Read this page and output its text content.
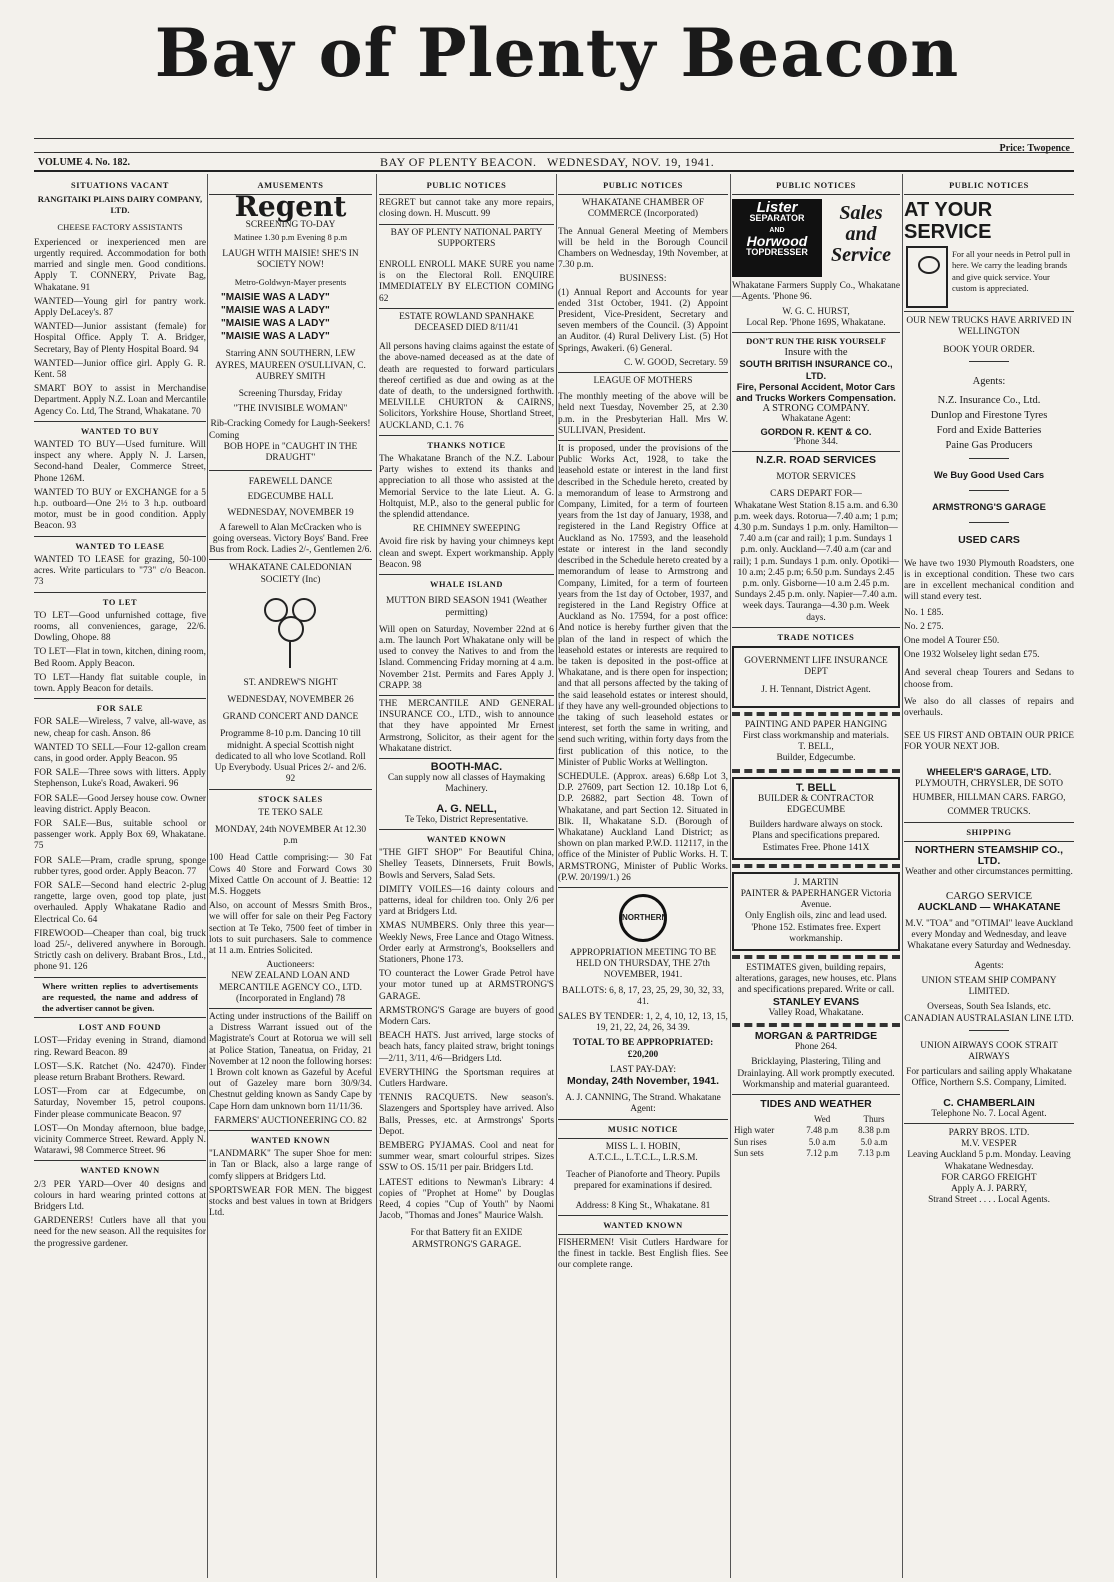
Bay of Plenty Beacon
Price: Twopence
VOLUME 4. No. 182.	BAY OF PLENTY BEACON. WEDNESDAY, NOV. 19, 1941.
SITUATIONS VACANT
RANGITAIKI PLAINS DAIRY COMPANY, LTD.
CHEESE FACTORY ASSISTANTS
Experienced or inexperienced men are urgently required. Accommodation for both married and single men. Good conditions. Apply T. CONNERY, Private Bag, Whakatane. 91
WANTED—Young girl for pantry work. Apply DeLacey's. 87
WANTED—Junior assistant (female) for Hospital Office. Apply T. A. Bridger, Secretary, Bay of Plenty Hospital Board. 94
WANTED—Junior office girl. Apply G. R. Kent. 58
SMART BOY to assist in Merchandise Department. Apply N.Z. Loan and Mercantile Agency Co. Ltd, The Strand, Whakatane. 70
WANTED TO BUY
WANTED TO BUY—Used furniture. Will inspect any where. Apply N. J. Larsen, Second-hand Dealer, Commerce Street, Phone 126M.
WANTED TO BUY or EXCHANGE for a 5 h.p. outboard—One 2½ to 3 h.p. outboard motor, must be in good condition. Apply Beacon. 93
WANTED TO LEASE
WANTED TO LEASE for grazing, 50-100 acres. Write particulars to "73" c/o Beacon. 73
TO LET
TO LET—Good unfurnished cottage, five rooms, all conveniences, garage, 22/6. Dowling, Ohope. 88
TO LET—Flat in town, kitchen, dining room, Bed Room. Apply Beacon.
TO LET—Handy flat suitable couple, in town. Apply Beacon for details.
FOR SALE
FOR SALE—Wireless, 7 valve, all-wave, as new, cheap for cash. Anson. 86
WANTED TO SELL—Four 12-gallon cream cans, in good order. Apply Beacon. 95
FOR SALE—Three sows with litters. Apply Stephenson, Luke's Road, Awakeri. 96
FOR SALE—Good Jersey house cow. Owner leaving district. Apply Beacon.
FOR SALE—Bus, suitable school or passenger work. Apply Box 69, Whakatane. 75
FOR SALE—Pram, cradle sprung, sponge rubber tyres, good order. Apply Beacon. 77
FOR SALE—Second hand electric 2-plug rangette, large oven, good top plate, just overhauled. Apply Whakatane Radio and Electrical Co. 64
FIREWOOD—Cheaper than coal, big truck load 25/-, delivered anywhere in Borough. Strictly cash on delivery. Brabant Bros., Ltd., phone 91. 126
Where written replies to advertisements are requested, the name and address of the advertiser cannot be given.
LOST AND FOUND
LOST—Friday evening in Strand, diamond ring. Reward Beacon. 89
LOST—S.K. Ratchet (No. 42470). Finder please return Brabant Brothers. Reward.
LOST—From car at Edgecumbe, on Saturday, November 15, petrol coupons. Finder please communicate Beacon. 97
LOST—On Monday afternoon, blue badge, vicinity Commerce Street. Reward. Apply N. Watarawi, 98 Commerce Street. 96
WANTED KNOWN
2/3 PER YARD—Over 40 designs and colours in hard wearing printed cottons at Bridgers Ltd.
GARDENERS! Cutlers have all that you need for the new season. All the requisites for the progressive gardener.
AMUSEMENTS
Regent
SCREENING TO-DAY
Matinee 1.30 p.m Evening 8 p.m
LAUGH WITH MAISIE! SHE'S IN SOCIETY NOW!
Metro-Goldwyn-Mayer presents
"MAISIE WAS A LADY"
"MAISIE WAS A LADY"
"MAISIE WAS A LADY"
"MAISIE WAS A LADY"
Starring ANN SOUTHERN, LEW AYRES, MAUREEN O'SULLIVAN, C. AUBREY SMITH
Screening Thursday, Friday
"THE INVISIBLE WOMAN"
Rib-Cracking Comedy for Laugh-Seekers!
Coming
BOB HOPE in "CAUGHT IN THE DRAUGHT"
FAREWELL DANCE
EDGECUMBE HALL
WEDNESDAY, NOVEMBER 19
A farewell to Alan McCracken who is going overseas. Victory Boys' Band. Free Bus from Rock. Ladies 2/-, Gentlemen 2/6.
WHAKATANE CALEDONIAN SOCIETY (Inc)
ST. ANDREW'S NIGHT
WEDNESDAY, NOVEMBER 26
GRAND CONCERT AND DANCE
Programme 8-10 p.m. Dancing 10 till midnight. A special Scottish night dedicated to all who love Scotland. Roll Up Everybody. Usual Prices 2/- and 2/6. 92
STOCK SALES
TE TEKO SALE
MONDAY, 24th NOVEMBER At 12.30 p.m
100 Head Cattle comprising:— 30 Fat Cows 40 Store and Forward Cows 30 Mixed Cattle On account of J. Beattie: 12 M.S. Hoggets
Also, on account of Messrs Smith Bros., we will offer for sale on their Peg Factory section at Te Teko, 7500 feet of timber in lots to suit purchasers. Sale to commence at 11 a.m. Entries Solicited.
Auctioneers:
NEW ZEALAND LOAN AND MERCANTILE AGENCY CO., LTD. (Incorporated in England) 78
Acting under instructions of the Bailiff on a Distress Warrant issued out of the Magistrate's Court at Rotorua we will sell at Police Station, Taneatua, on Friday, 21 November at 12 noon the following horses: 1 Brown colt known as Gazeful by Aceful out of Gazeley mare born 30/9/34. Chestnut gelding known as Sandy Cape by Cape Horn dam unknown born 11/11/36.
FARMERS' AUCTIONEERING CO. 82
WANTED KNOWN
"LANDMARK" The super Shoe for men: in Tan or Black, also a large range of comfy slippers at Bridgers Ltd.
SPORTSWEAR FOR MEN. The biggest stocks and best values in town at Bridgers Ltd.
PUBLIC NOTICES
REGRET but cannot take any more repairs, closing down. H. Muscutt. 99
BAY OF PLENTY NATIONAL PARTY SUPPORTERS
ENROLL ENROLL MAKE SURE you name is on the Electoral Roll. ENQUIRE IMMEDIATELY BY ELECTION COMING 62
ESTATE ROWLAND SPANHAKE DECEASED DIED 8/11/41
All persons having claims against the estate of the above-named deceased as at the date of death are requested to forward particulars thereof certified as due and owing as at the date of death, to the undersigned forthwith. MELVILLE CHURTON & CAIRNS, Solicitors, Yorkshire House, Shortland Street, AUCKLAND, C.1. 76
THANKS NOTICE
The Whakatane Branch of the N.Z. Labour Party wishes to extend its thanks and appreciation to all those who assisted at the Memorial Service to the late Lieut. A. G. Holtquist, M.P., also to the general public for the splendid attendance.
RE CHIMNEY SWEEPING
Avoid fire risk by having your chimneys kept clean and swept. Expert workmanship. Apply Beacon. 98
WHALE ISLAND
MUTTON BIRD SEASON 1941 (Weather permitting)
Will open on Saturday, November 22nd at 6 a.m. The launch Port Whakatane only will be used to convey the Natives to and from the Island. Commencing Friday morning at 4 a.m. November 21st. Permits and Fares Apply J. CRAPP. 38
THE MERCANTILE AND GENERAL INSURANCE CO., LTD., wish to announce that they have appointed Mr Ernest Armstrong, Solicitor, as their agent for the Whakatane district.
BOOTH-MAC.
Can supply now all classes of Haymaking Machinery.
A. G. NELL,
Te Teko, District Representative.
WANTED KNOWN
"THE GIFT SHOP" For Beautiful China, Shelley Teasets, Dinnersets, Fruit Bowls, Bowls and Servers, Salad Sets.
DIMITY VOILES—16 dainty colours and patterns, ideal for children too. Only 2/6 per yard at Bridgers Ltd.
XMAS NUMBERS. Only three this year—Weekly News, Free Lance and Otago Witness. Order early at Armstrong's, Booksellers and Stationers, Phone 173.
TO counteract the Lower Grade Petrol have your motor tuned up at ARMSTRONG'S GARAGE.
ARMSTRONG'S Garage are buyers of good Modern Cars.
BEACH HATS. Just arrived, large stocks of beach hats, fancy plaited straw, bright tonings—2/11, 3/11, 4/6—Bridgers Ltd.
EVERYTHING the Sportsman requires at Cutlers Hardware.
TENNIS RACQUETS. New season's. Slazengers and Sportspley have arrived. Also Balls, Presses, etc. at Armstrongs' Sports Depot.
BEMBERG PYJAMAS. Cool and neat for summer wear, smart colourful stripes. Sizes SSW to OS. 15/11 per pair. Bridgers Ltd.
LATEST editions to Newman's Library: 4 copies of "Prophet at Home" by Douglas Reed, 4 copies "Cup of Youth" by Naomi Jacob, "Thomas and Jones" Maurice Walsh.
For that Battery fit an EXIDE ARMSTRONG'S GARAGE.
PUBLIC NOTICES
WHAKATANE CHAMBER OF COMMERCE (Incorporated)
The Annual General Meeting of Members will be held in the Borough Council Chambers on Wednesday, 19th November, at 7.30 p.m.
BUSINESS:
(1) Annual Report and Accounts for year ended 31st October, 1941. (2) Appoint President, Vice-President, Secretary and seven members of the Council. (3) Appoint an Auditor. (4) Rural Delivery List. (5) Hot Springs, Awakeri. (6) General.
C. W. GOOD, Secretary. 59
LEAGUE OF MOTHERS
The monthly meeting of the above will be held next Tuesday, November 25, at 2.30 p.m. in the Presbyterian Hall. Mrs W. SULLIVAN, President.
It is proposed, under the provisions of the Public Works Act, 1928, to take the leasehold estate or interest in the land first described in the Schedule hereto, created by a memorandum of lease to Armstrong and Company, Limited, for a term of fourteen years from the 1st day of January, 1938, and registered in the Land Registry Office at Auckland as No. 17593, and the leasehold estate or interest in the land secondly described in the Schedule hereto created by a memorandum of lease to Armstrong and Company, Limited, for a term of fourteen years from the 1st day of October, 1937, and registered in the Land Registry Office at Auckland as No. 17594, for a post office: And notice is hereby further given that the plan of the land in respect of which the leasehold estates or interests are required to be taken is deposited in the post-office at Whakatane, and is there open for inspection; and that all persons affected by the taking of the said leasehold estates or interest should, if they have any well-grounded objections to the taking of such leasehold estates or interest, set forth the same in writing, and send such writing, within forty days from the first publication of this notice, to the Minister of Public Works at Wellington.
SCHEDULE. (Approx. areas) 6.68p Lot 3, D.P. 27609, part Section 12. 10.18p Lot 6, D.P. 26882, part Section 48. Town of Whakatane, and part Section 12. Situated in Blk. II, Whakatane S.D. (Borough of Whakatane) Auckland Land District; as shown on plan marked P.W.D. 112117, in the office of the Minister of Public Works. H. T. ARMSTRONG, Minister of Public Works. (P.W. 20/199/1.) 26
NORTHERN
APPROPRIATION MEETING TO BE HELD ON THURSDAY, THE 27th NOVEMBER, 1941.
BALLOTS: 6, 8, 17, 23, 25, 29, 30, 32, 33, 41.
SALES BY TENDER: 1, 2, 4, 10, 12, 13, 15, 19, 21, 22, 24, 26, 34 39.
TOTAL TO BE APPROPRIATED: £20,200
LAST PAY-DAY:
Monday, 24th November, 1941.
A. J. CANNING, The Strand. Whakatane Agent:
MUSIC NOTICE
MISS L. I. HOBIN,
A.T.C.L., L.T.C.L., L.R.S.M.
Teacher of Pianoforte and Theory. Pupils prepared for examinations if desired.
Address: 8 King St., Whakatane. 81
WANTED KNOWN
FISHERMEN! Visit Cutlers Hardware for the finest in tackle. Best English flies. See our complete range.
PUBLIC NOTICES
Lister
SEPARATOR
AND
Horwood
TOPDRESSER
Sales and Service
Whakatane Farmers Supply Co., Whakatane—Agents. 'Phone 96.
W. G. C. HURST,
Local Rep. 'Phone 169S, Whakatane.
DON'T RUN THE RISK YOURSELF
Insure with the
SOUTH BRITISH INSURANCE CO., LTD.
Fire, Personal Accident, Motor Cars and Trucks Workers Compensation.
A STRONG COMPANY.
Whakatane Agent:
GORDON R. KENT & CO.
'Phone 344.
N.Z.R. ROAD SERVICES
MOTOR SERVICES
CARS DEPART FOR—
Whakatane West Station 8.15 a.m. and 6.30 p.m. week days. Rotorua—7.40 a.m; 1 p.m; 4.30 p.m. Sundays 1 p.m. only. Hamilton—7.40 a.m (car and rail); 1 p.m. Sundays 1 p.m. only. Auckland—7.40 a.m (car and rail); 1 p.m. Sundays 1 p.m. only. Opotiki—10 a.m; 2.45 p.m; 6.50 p.m. Sundays 2.45 p.m. only. Gisborne—10 a.m 2.45 p.m. Sundays 2.45 p.m. only. Napier—7.40 a.m. week days. Tauranga—4.30 p.m. Week days.
TRADE NOTICES
GOVERNMENT LIFE INSURANCE DEPT
J. H. Tennant, District Agent.
PAINTING AND PAPER HANGING
First class workmanship and materials.
T. BELL,
Builder, Edgecumbe.
T. BELL
BUILDER & CONTRACTOR EDGECUMBE
Builders hardware always on stock. Plans and specifications prepared.
Estimates Free. Phone 141X
J. MARTIN
PAINTER & PAPERHANGER Victoria Avenue.
Only English oils, zinc and lead used. 'Phone 152. Estimates free. Expert workmanship.
ESTIMATES given, building repairs, alterations, garages, new houses, etc. Plans and specifications prepared. Write or call.
STANLEY EVANS
Valley Road, Whakatane.
MORGAN & PARTRIDGE
Phone 264.
Bricklaying, Plastering, Tiling and Drainlaying. All work promptly executed. Workmanship and material guaranteed.
TIDES AND WEATHER
	Wed	Thurs
High water	7.48 p.m	8.38 p.m
Sun rises	5.0 a.m	5.0 a.m
Sun sets	7.12 p.m	7.13 p.m
PUBLIC NOTICES
AT YOUR SERVICE
For all your needs in Petrol pull in here. We carry the leading brands and give quick service. Your custom is appreciated.
OUR NEW TRUCKS HAVE ARRIVED IN WELLINGTON
BOOK YOUR ORDER.
Agents:
N.Z. Insurance Co., Ltd.
Dunlop and Firestone Tyres
Ford and Exide Batteries
Paine Gas Producers
We Buy Good Used Cars
ARMSTRONG'S GARAGE
USED CARS
We have two 1930 Plymouth Roadsters, one is in exceptional condition. These two cars are in excellent mechanical condition and will stand every test.
No. 1 £85.
No. 2 £75.
One model A Tourer £50.
One 1932 Wolseley light sedan £75.
And several cheap Tourers and Sedans to choose from.
We also do all classes of repairs and overhauls.
SEE US FIRST AND OBTAIN OUR PRICE FOR YOUR NEXT JOB.
WHEELER'S GARAGE, LTD.
PLYMOUTH, CHRYSLER, DE SOTO HUMBER, HILLMAN CARS. FARGO, COMMER TRUCKS.
SHIPPING
NORTHERN STEAMSHIP CO., LTD.
Weather and other circumstances permitting.
CARGO SERVICE
AUCKLAND — WHAKATANE
M.V. "TOA" and "OTIMAI" leave Auckland every Monday and Wednesday, and leave Whakatane every Saturday and Wednesday.
Agents:
UNION STEAM SHIP COMPANY LIMITED.
Overseas, South Sea Islands, etc. CANADIAN AUSTRALASIAN LINE LTD.
UNION AIRWAYS COOK STRAIT AIRWAYS
For particulars and sailing apply Whakatane Office, Northern S.S. Company, Limited.
C. CHAMBERLAIN
Telephone No. 7. Local Agent.
PARRY BROS. LTD.
M.V. VESPER
Leaving Auckland 5 p.m. Monday. Leaving Whakatane Wednesday.
FOR CARGO FREIGHT
Apply A. J. PARRY,
Strand Street . . . . Local Agents.
